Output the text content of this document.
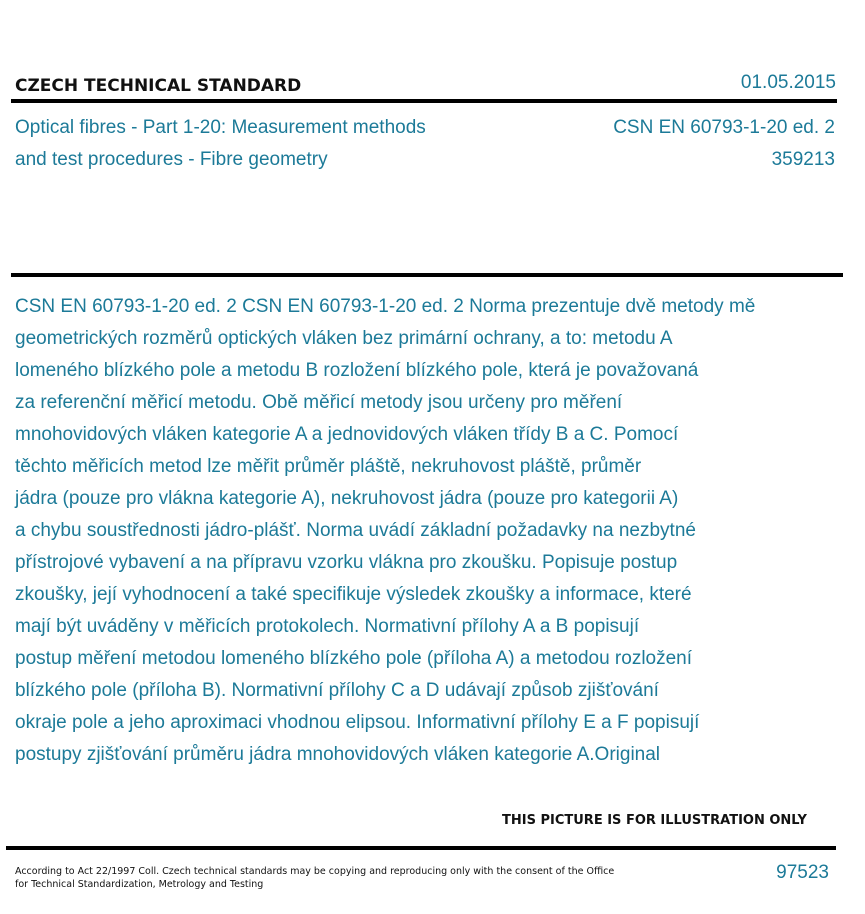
CZECH TECHNICAL STANDARD	01.05.2015
Optical fibres - Part 1-20: Measurement methods
and test procedures - Fibre geometry
CSN EN 60793-1-20 ed. 2
359213
CSN EN 60793-1-20 ed. 2 CSN EN 60793-1-20 ed. 2 Norma prezentuje dvě metody mě
geometrických rozměrů optických vláken bez primární ochrany, a to: metodu A
lomeného blízkého pole a metodu B rozložení blízkého pole, která je považovaná
za referenční měřicí metodu. Obě měřicí metody jsou určeny pro měření
mnohovidových vláken kategorie A a jednovidových vláken třídy B a C. Pomocí
těchto měřicích metod lze měřit průměr pláště, nekruhovost pláště, průměr
jádra (pouze pro vlákna kategorie A), nekruhovost jádra (pouze pro kategorii A)
a chybu soustřednosti jádro-plášť. Norma uvádí základní požadavky na nezbytné
přístrojové vybavení a na přípravu vzorku vlákna pro zkoušku. Popisuje postup
zkoušky, její vyhodnocení a také specifikuje výsledek zkoušky a informace, které
mají být uváděny v měřicích protokolech. Normativní přílohy A a B popisují
postup měření metodou lomeného blízkého pole (příloha A) a metodou rozložení
blízkého pole (příloha B). Normativní přílohy C a D udávají způsob zjišťování
okraje pole a jeho aproximaci vhodnou elipsou. Informativní přílohy E a F popisují
postupy zjišťování průměru jádra mnohovidových vláken kategorie A.Original
THIS PICTURE IS FOR ILLUSTRATION ONLY
According to Act 22/1997 Coll. Czech technical standards may be copying and reproducing only with the consent of the Office
for Technical Standardization, Metrology and Testing
97523
